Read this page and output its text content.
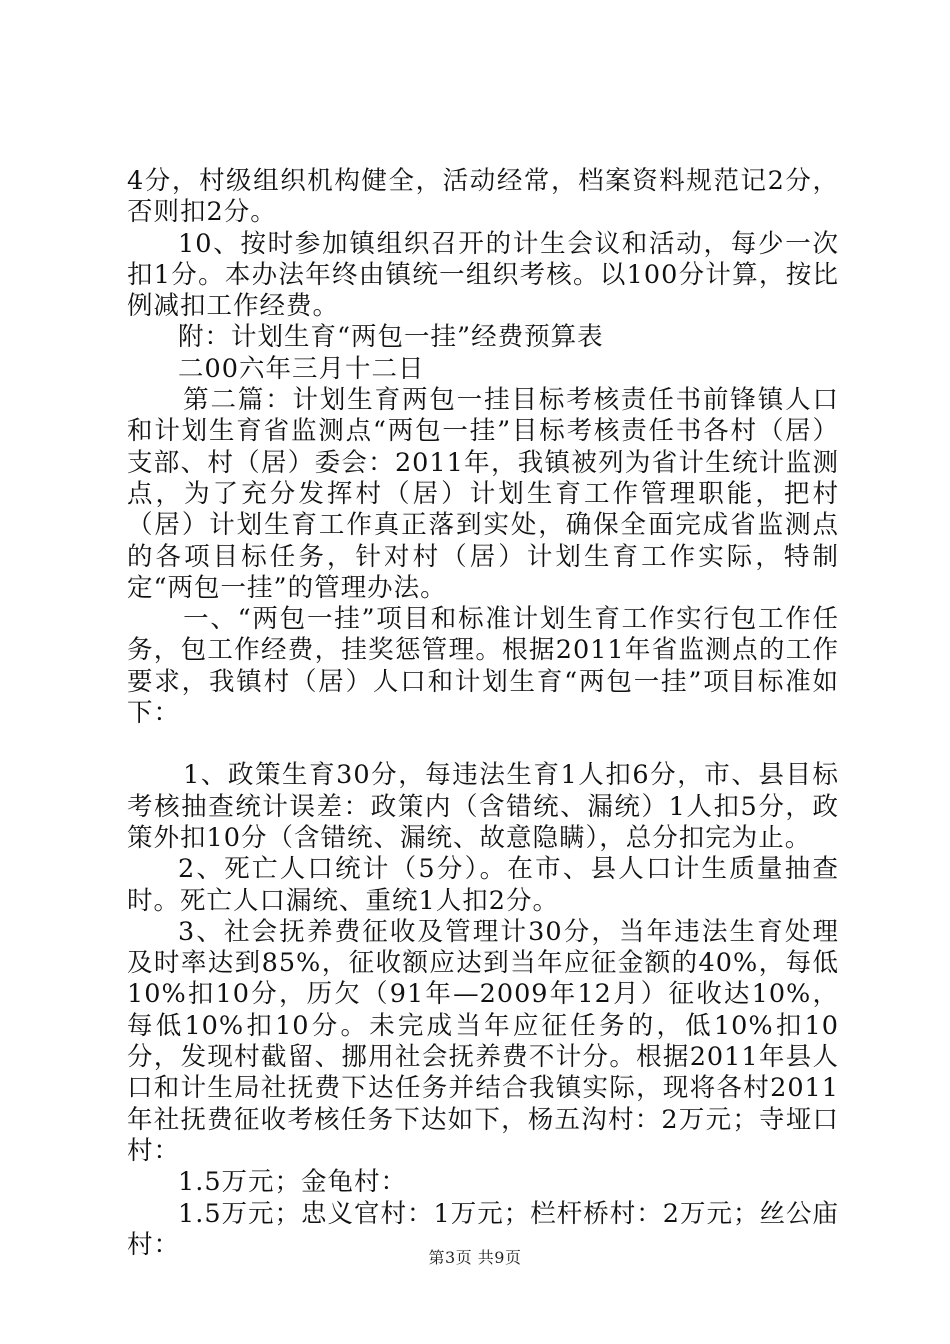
4分，村级组织机构健全，活动经常，档案资料规范记2分，否则扣2分。

10、按时参加镇组织召开的计生会议和活动，每少一次扣1分。本办法年终由镇统一组织考核。以100分计算，按比例减扣工作经费。

附：计划生育“两包一挂”经费预算表

二00六年三月十二日

第二篇：计划生育两包一挂目标考核责任书前锋镇人口和计划生育省监测点“两包一挂”目标考核责任书各村（居）支部、村（居）委会：2011年，我镇被列为省计生统计监测点，为了充分发挥村（居）计划生育工作管理职能，把村（居）计划生育工作真正落到实处，确保全面完成省监测点的各项目标任务，针对村（居）计划生育工作实际，特制定“两包一挂”的管理办法。

一、“两包一挂”项目和标准计划生育工作实行包工作任务，包工作经费，挂奖惩管理。根据2011年省监测点的工作要求，我镇村（居）人口和计划生育“两包一挂”项目标准如下：

1、政策生育30分，每违法生育1人扣6分，市、县目标考核抽查统计误差：政策内（含错统、漏统）1人扣5分，政策外扣10分（含错统、漏统、故意隐瞒），总分扣完为止。

2、死亡人口统计（5分）。在市、县人口计生质量抽查时。死亡人口漏统、重统1人扣2分。

3、社会抚养费征收及管理计30分，当年违法生育处理及时率达到85%，征收额应达到当年应征金额的40%，每低10%扣10分，历欠（91年—2009年12月）征收达10%，每低10%扣10分。未完成当年应征任务的，低10%扣10分，发现村截留、挪用社会抚养费不计分。根据2011年县人口和计生局社抚费下达任务并结合我镇实际，现将各村2011年社抚费征收考核任务下达如下，杨五沟村：2万元；寺垭口村：

1.5万元；金龟村：

1.5万元；忠义官村：1万元；栏杆桥村：2万元；丝公庙村：	第3页 共9页
